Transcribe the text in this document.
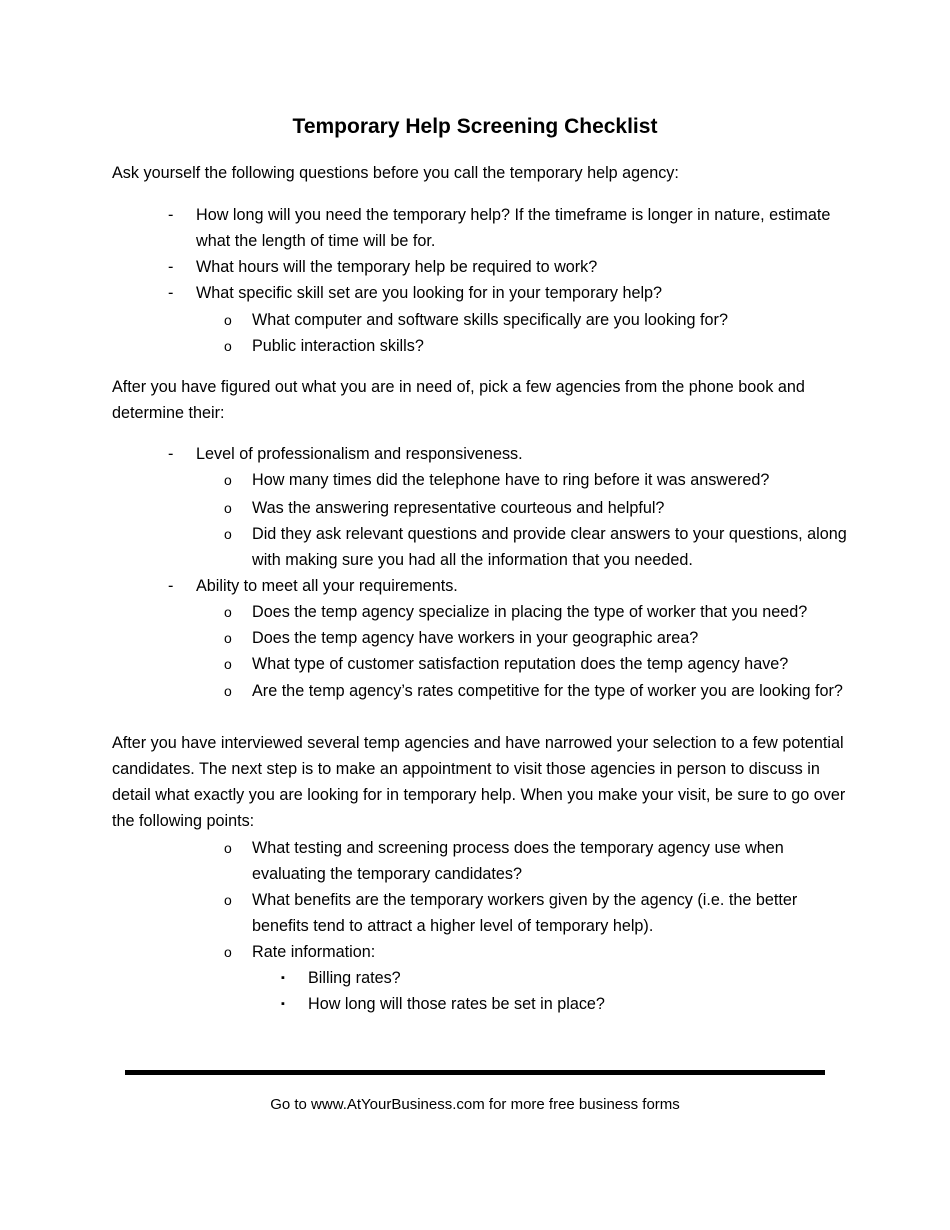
Temporary Help Screening Checklist

Ask yourself the following questions before you call the temporary help agency:

- How long will you need the temporary help? If the timeframe is longer in nature, estimate what the length of time will be for.
- What hours will the temporary help be required to work?
- What specific skill set are you looking for in your temporary help?
o What computer and software skills specifically are you looking for?
o Public interaction skills?

After you have figured out what you are in need of, pick a few agencies from the phone book and determine their:

- Level of professionalism and responsiveness.
o How many times did the telephone have to ring before it was answered?
o Was the answering representative courteous and helpful?
o Did they ask relevant questions and provide clear answers to your questions, along with making sure you had all the information that you needed.
- Ability to meet all your requirements.
o Does the temp agency specialize in placing the type of worker that you need?
o Does the temp agency have workers in your geographic area?
o What type of customer satisfaction reputation does the temp agency have?
o Are the temp agency’s rates competitive for the type of worker you are looking for?

After you have interviewed several temp agencies and have narrowed your selection to a few potential candidates. The next step is to make an appointment to visit those agencies in person to discuss in detail what exactly you are looking for in temporary help. When you make your visit, be sure to go over the following points:

o What testing and screening process does the temporary agency use when evaluating the temporary candidates?
o What benefits are the temporary workers given by the agency (i.e. the better benefits tend to attract a higher level of temporary help).
o Rate information:
▪ Billing rates?
▪ How long will those rates be set in place?
Go to www.AtYourBusiness.com for more free business forms
